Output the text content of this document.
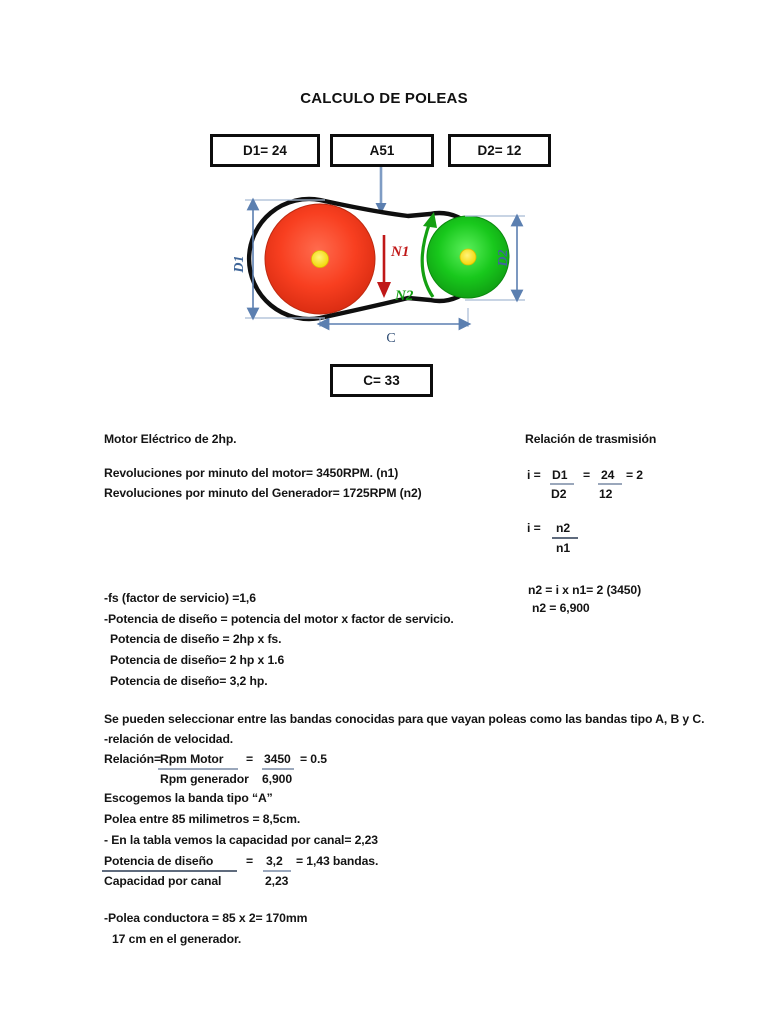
CALCULO DE POLEAS
D1= 24	A51	D2= 12
N1
N2
D1	D2
C
C= 33
Motor Eléctrico de 2hp.
Revoluciones por minuto del motor= 3450RPM. (n1)
Revoluciones por minuto del Generador= 1725RPM (n2)
-fs (factor de servicio) =1,6
-Potencia de diseño = potencia del motor x factor de servicio.
Potencia de diseño = 2hp x fs.
Potencia de diseño= 2 hp x 1.6
Potencia de diseño= 3,2 hp.
Relación de trasmisión
i = D1
D2
= 24
12
= 2
i = n2
n1
n2 = i x n1= 2 (3450)
n2 = 6,900
Se pueden seleccionar entre las bandas conocidas para que vayan poleas como las bandas tipo A, B y C.
-relación de velocidad.
Relación=
Rpm Motor
Rpm generador
= 3450
6,900
= 0.5
Escogemos la banda tipo “A”
Polea entre 85 milimetros = 8,5cm.
- En la tabla vemos la capacidad por canal= 2,23
Potencia de diseño
Capacidad por canal
= 3,2
2,23
= 1,43 bandas.
-Polea conductora = 85 x 2= 170mm
17 cm en el generador.
